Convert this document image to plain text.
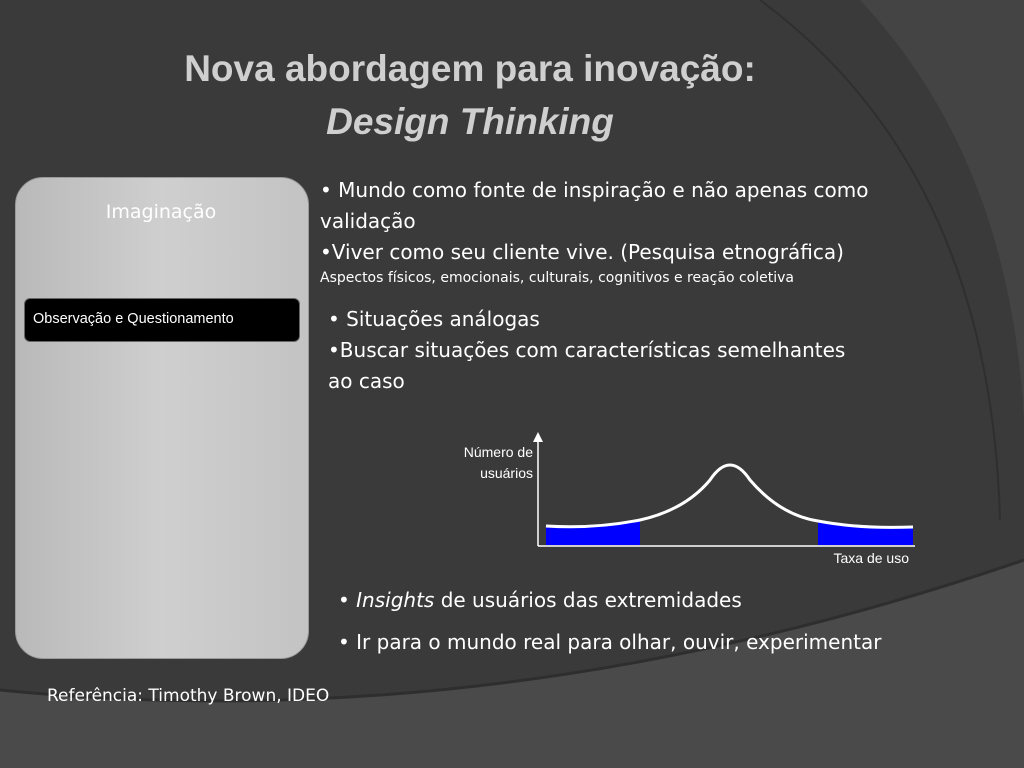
Nova abordagem para inovação:
Design Thinking
Imaginação
Observação e Questionamento
• Mundo como fonte de inspiração e não apenas como
validação
•Viver como seu cliente vive. (Pesquisa etnográfica)
Aspectos físicos, emocionais, culturais, cognitivos e reação coletiva
• Situações análogas
•Buscar situações com características semelhantes
ao caso
Número de
usuários
Taxa de uso
• Insights de usuários das extremidades
• Ir para o mundo real para olhar, ouvir, experimentar
Referência: Timothy Brown, IDEO
